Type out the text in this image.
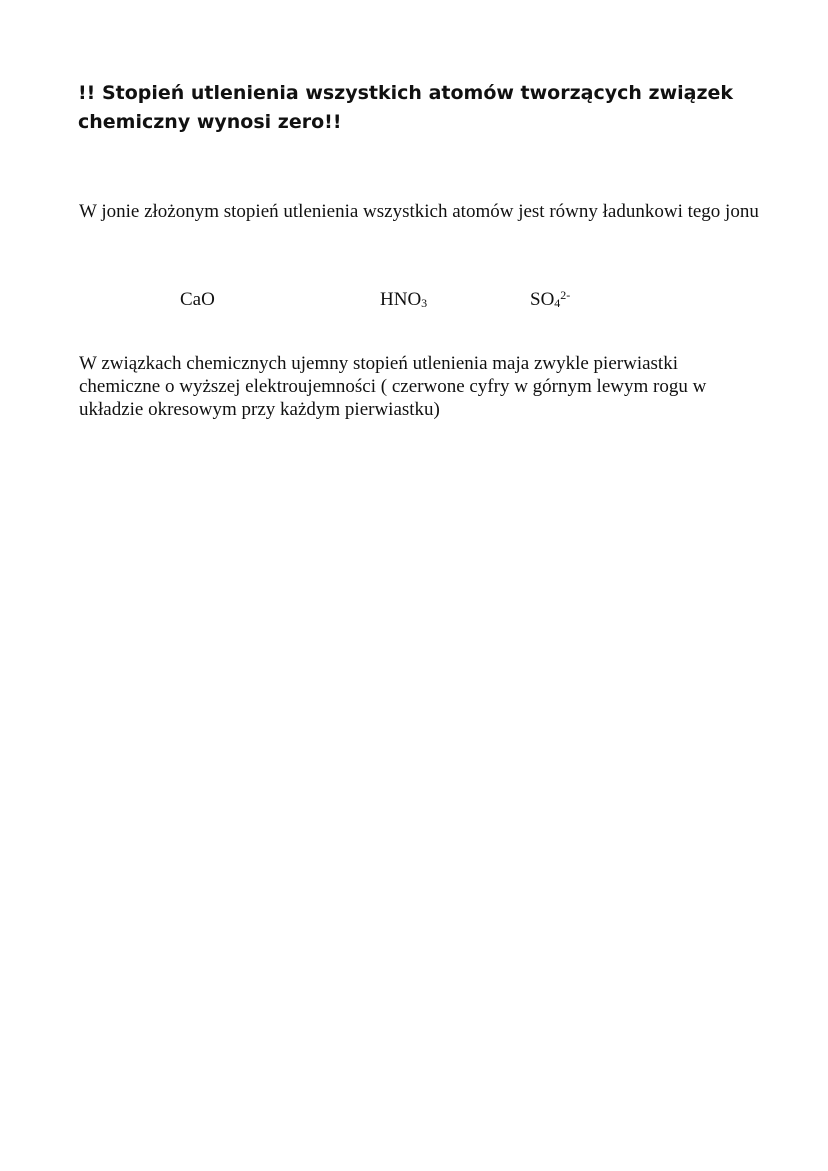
!! Stopień utlenienia wszystkich atomów tworzących związek chemiczny wynosi zero!!

W jonie złożonym stopień utlenienia wszystkich atomów jest równy ładunkowi tego jonu

CaO	$HNO_3$	$SO_4^{2-}$

W związkach chemicznych ujemny stopień utlenienia maja zwykle pierwiastki chemiczne o wyższej elektroujemności ( czerwone cyfry w górnym lewym rogu w układzie okresowym przy każdym pierwiastku)
